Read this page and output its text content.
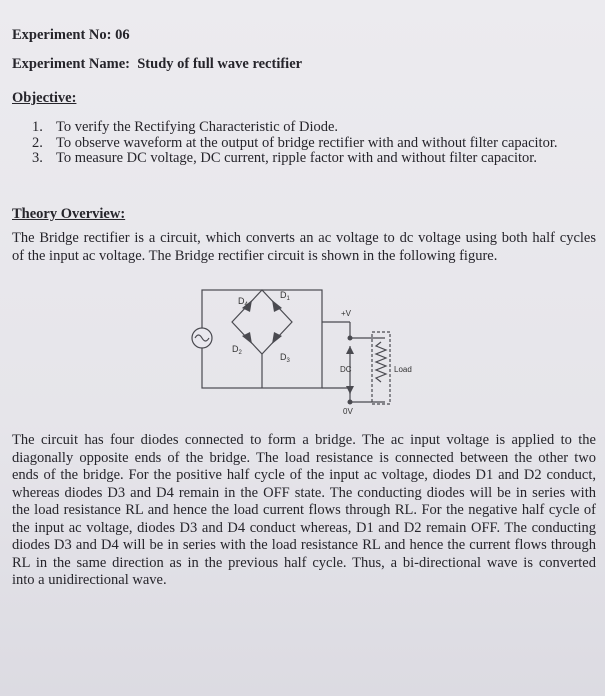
Experiment No: 06
Experiment Name: Study of full wave rectifier
Objective:
1. To verify the Rectifying Characteristic of Diode.
2. To observe waveform at the output of bridge rectifier with and without filter capacitor.
3. To measure DC voltage, DC current, ripple factor with and without filter capacitor.
Theory Overview:
The Bridge rectifier is a circuit, which converts an ac voltage to dc voltage using both half cycles
of the input ac voltage. The Bridge rectifier circuit is shown in the following figure.
$D_4$
$D_1$
$D_2$	$D_3$
+V
DC
0V
Load
The circuit has four diodes connected to form a bridge. The ac input voltage is applied to the
diagonally opposite ends of the bridge. The load resistance is connected between the other two
ends of the bridge. For the positive half cycle of the input ac voltage, diodes D1 and D2 conduct,
whereas diodes D3 and D4 remain in the OFF state. The conducting diodes will be in series with
the load resistance RL and hence the load current flows through RL. For the negative half cycle of
the input ac voltage, diodes D3 and D4 conduct whereas, D1 and D2 remain OFF. The conducting
diodes D3 and D4 will be in series with the load resistance RL and hence the current flows through
RL in the same direction as in the previous half cycle. Thus, a bi-directional wave is converted
into a unidirectional wave.
